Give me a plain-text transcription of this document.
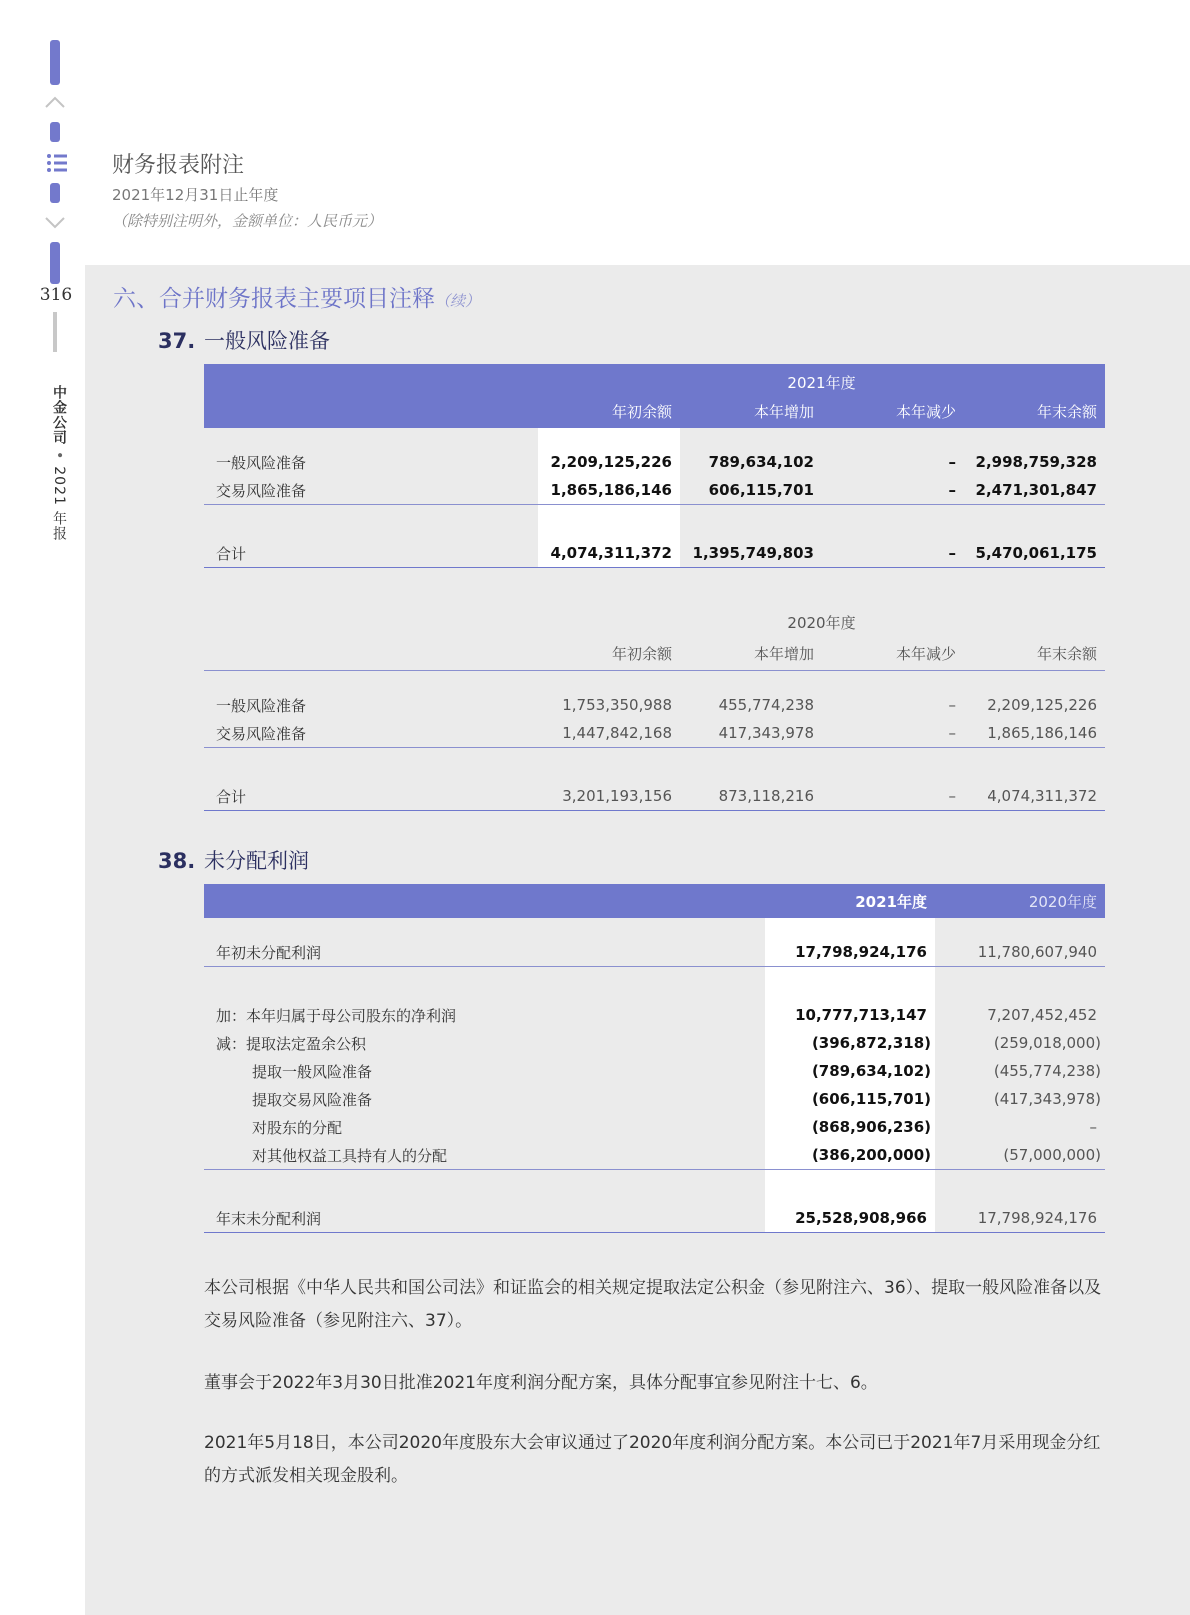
316
中金公司•2021 年报
财务报表附注
2021年12月31日止年度
（除特别注明外，金额单位：人民币元）
六、合并财务报表主要项目注释（续）
37. 一般风险准备
	2021年度			
	年初余额	本年增加	本年减少	年末余额

一般风险准备	2,209,125,226	789,634,102	–	2,998,759,328
交易风险准备	1,865,186,146	606,115,701	–	2,471,301,847

合计	4,074,311,372	1,395,749,803	–	5,470,061,175
	2020年度			
	年初余额	本年增加	本年减少	年末余额

一般风险准备	1,753,350,988	455,774,238	–	2,209,125,226
交易风险准备	1,447,842,168	417,343,978	–	1,865,186,146

合计	3,201,193,156	873,118,216	–	4,074,311,372
38. 未分配利润
	2021年度	2020年度

年初未分配利润	17,798,924,176	11,780,607,940

加：本年归属于母公司股东的净利润	10,777,713,147	7,207,452,452
减：提取法定盈余公积	(396,872,318)	(259,018,000)
提取一般风险准备	(789,634,102)	(455,774,238)
提取交易风险准备	(606,115,701)	(417,343,978)
对股东的分配	(868,906,236)	–
对其他权益工具持有人的分配	(386,200,000)	(57,000,000)

年末未分配利润	25,528,908,966	17,798,924,176
本公司根据《中华人民共和国公司法》和证监会的相关规定提取法定公积金（参见附注六、36）、提取一般风险准备以及交易风险准备（参见附注六、37）。
董事会于2022年3月30日批准2021年度利润分配方案，具体分配事宜参见附注十七、6。
2021年5月18日，本公司2020年度股东大会审议通过了2020年度利润分配方案。本公司已于2021年7月采用现金分红的方式派发相关现金股利。
